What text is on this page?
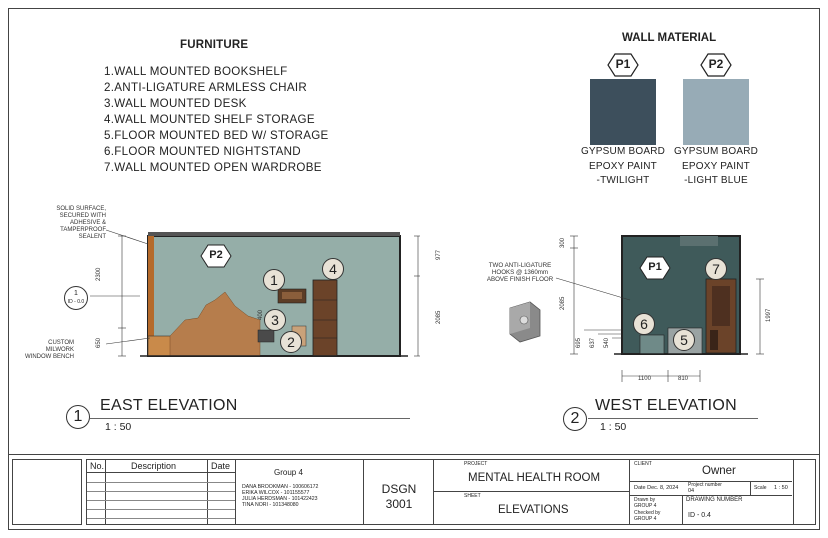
FURNITURE
1.WALL MOUNTED BOOKSHELF
2.ANTI-LIGATURE ARMLESS CHAIR
3.WALL MOUNTED DESK
4.WALL MOUNTED SHELF STORAGE
5.FLOOR MOUNTED BED W/ STORAGE
6.FLOOR MOUNTED NIGHTSTAND
7.WALL MOUNTED OPEN WARDROBE
WALL MATERIAL
P1
GYPSUM BOARD
EPOXY PAINT
-TWILIGHT
P2
GYPSUM BOARD
EPOXY PAINT
-LIGHT BLUE
SOLID SURFACE,
SECURED WITH
ADHESIVE &
TAMPERPROOF
SEALENT
CUSTOM
MILWORK
WINDOW BENCH
1
ID - 0.0
2300
650
977
2085
400
P2
1
2
3
4
1
EAST ELEVATION
1 : 50
TWO ANTI-LIGATURE
HOOKS @ 1360mm
ABOVE FINISH FLOOR
300
2085
695 637 540
1997
1100	810
P1
5
6
7
2
WEST ELEVATION
1 : 50
No.	Description	Date
Group 4
DANA BROOKMAN - 100606172
ERIKA WILCOX - 101155577
JULIA HERDSMAN - 101422423
TINA NORI - 101348080
DSGN
3001
PROJECT
MENTAL HEALTH ROOM
SHEET
ELEVATIONS
CLIENT
Owner
Date Dec. 8, 2024 Project number
04	Scale 1 : 50
Drawn by
GROUP 4
Checked by
GROUP 4
DRAWING NUMBER
ID - 0.4
